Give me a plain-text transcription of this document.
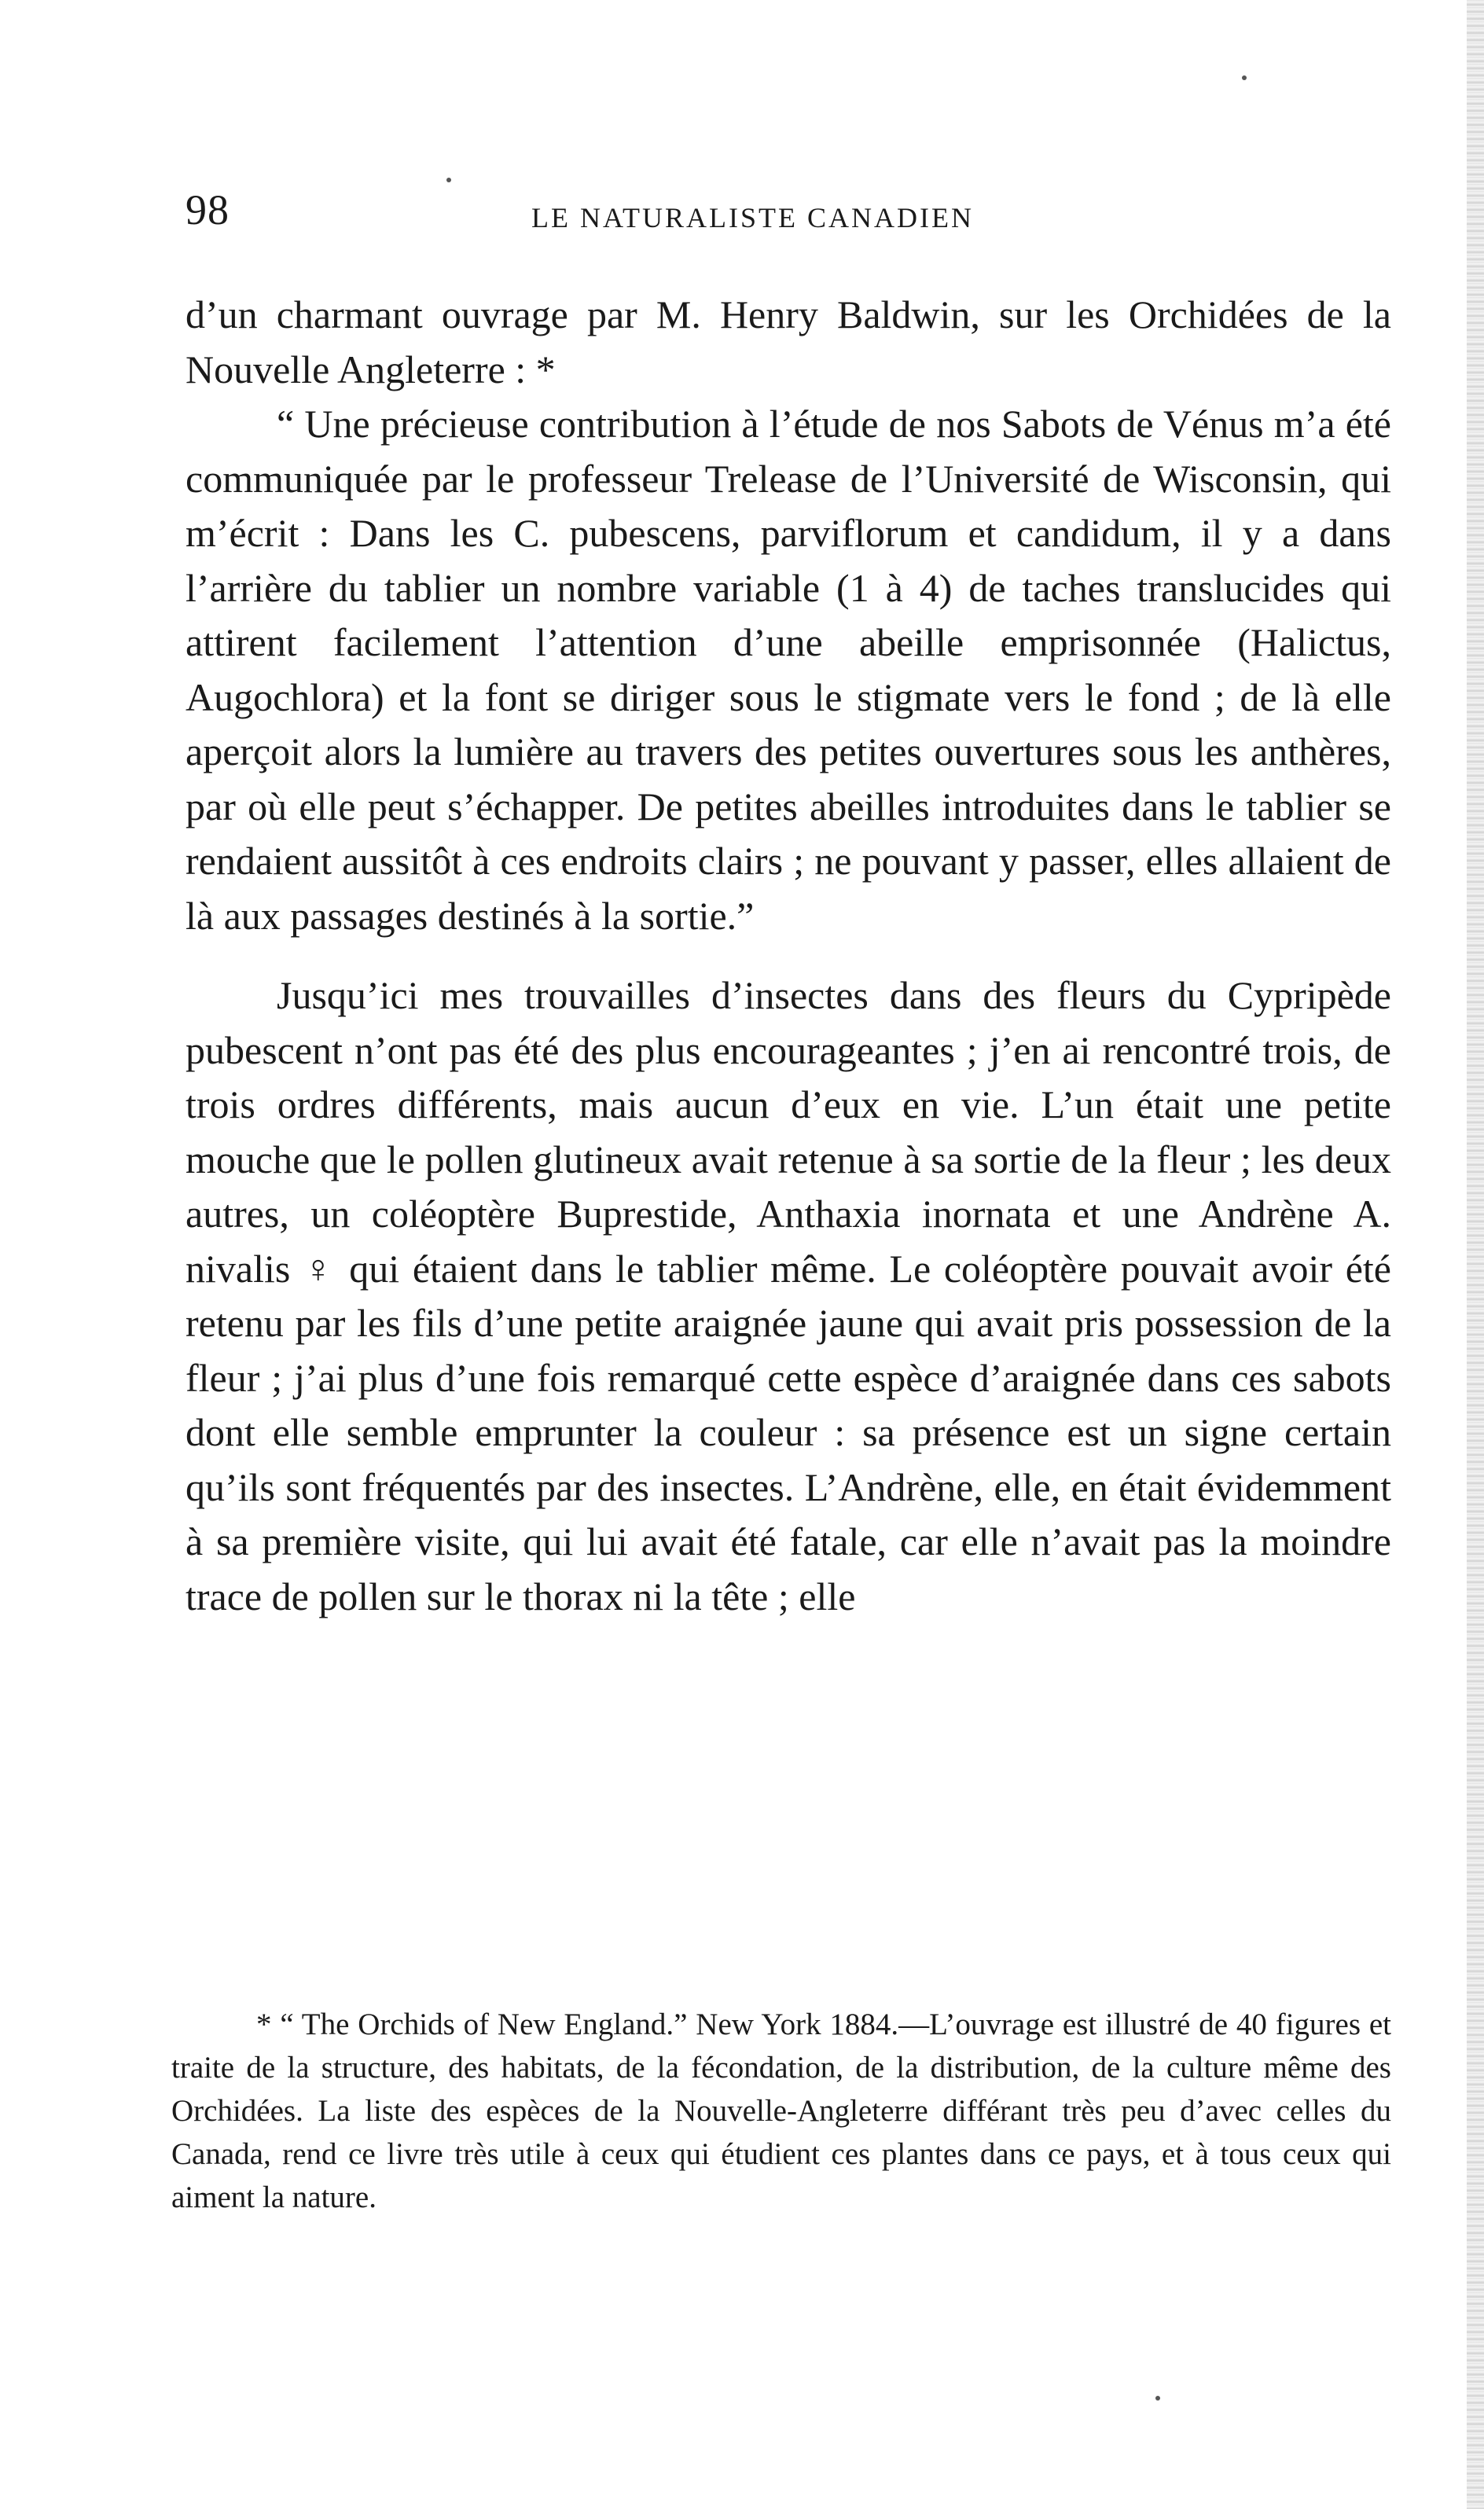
98	LE NATURALISTE CANADIEN

d’un charmant ouvrage par M. Henry Baldwin, sur les Orchidées de la Nouvelle Angleterre : *

“ Une précieuse contribution à l’étude de nos Sabots de Vénus m’a été communiquée par le professeur Trelease de l’Université de Wisconsin, qui m’écrit : Dans les C. pubescens, parviflorum et candidum, il y a dans l’arrière du tablier un nombre variable (1 à 4) de taches translucides qui attirent facilement l’attention d’une abeille emprisonnée (Halictus, Augochlora) et la font se diriger sous le stigmate vers le fond ; de là elle aperçoit alors la lumière au travers des petites ouvertures sous les anthères, par où elle peut s’échapper. De petites abeilles introduites dans le tablier se rendaient aussitôt à ces endroits clairs ; ne pouvant y passer, elles allaient de là aux passages destinés à la sortie.”

Jusqu’ici mes trouvailles d’insectes dans des fleurs du Cypripède pubescent n’ont pas été des plus encourageantes ; j’en ai rencontré trois, de trois ordres différents, mais aucun d’eux en vie. L’un était une petite mouche que le pollen glutineux avait retenue à sa sortie de la fleur ; les deux autres, un coléoptère Buprestide, Anthaxia inornata et une Andrène A. nivalis ♀ qui étaient dans le tablier même. Le coléoptère pouvait avoir été retenu par les fils d’une petite araignée jaune qui avait pris possession de la fleur ; j’ai plus d’une fois remarqué cette espèce d’araignée dans ces sabots dont elle semble emprunter la couleur : sa présence est un signe certain qu’ils sont fréquentés par des insectes. L’Andrène, elle, en était évidemment à sa première visite, qui lui avait été fatale, car elle n’avait pas la moindre trace de pollen sur le thorax ni la tête ; elle

* “ The Orchids of New England.” New York 1884.—L’ouvrage est illustré de 40 figures et traite de la structure, des habitats, de la fécondation, de la distribution, de la culture même des Orchidées. La liste des espèces de la Nouvelle-Angleterre différant très peu d’avec celles du Canada, rend ce livre très utile à ceux qui étudient ces plantes dans ce pays, et à tous ceux qui aiment la nature.
